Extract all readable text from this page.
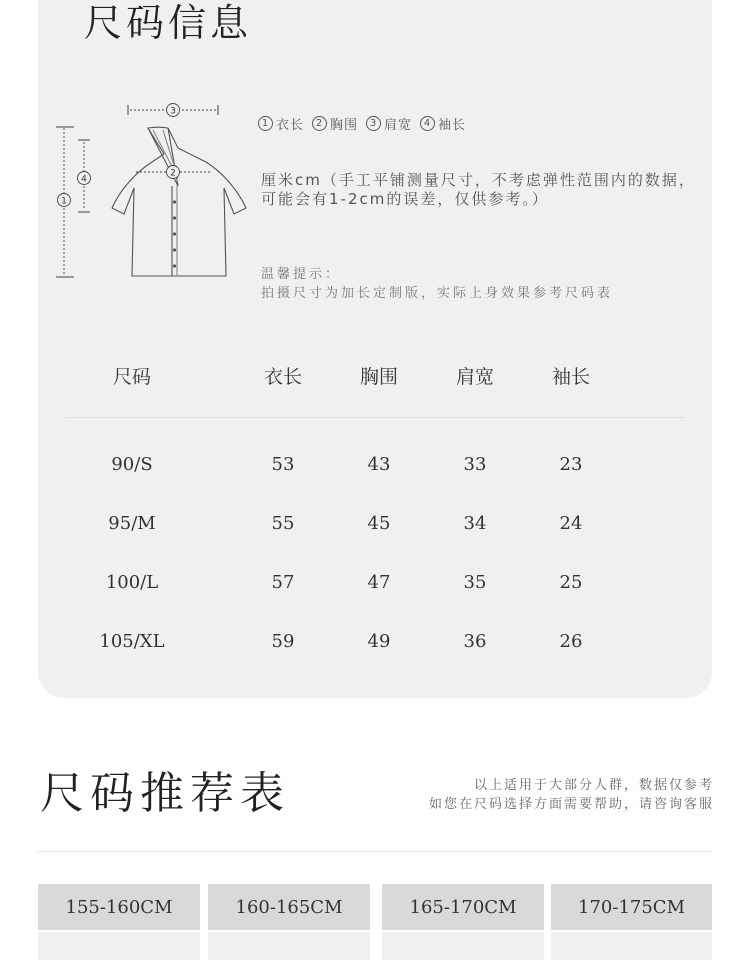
尺码信息
3
2
1
4
1 衣长	2 胸围	3 肩宽	4 袖长

厘米cm（手工平铺测量尺寸，不考虑弹性范围内的数据，可能会有1-2cm的误差，仅供参考。）

温馨提示：
拍摄尺寸为加长定制版，实际上身效果参考尺码表
尺码	衣长	胸围	肩宽	袖长
90/S	53	43	33	23
95/M	55	45	34	24
100/L	57	47	35	25
105/XL	59	49	36	26
尺码推荐表	以上适用于大部分人群，数据仅参考
如您在尺码选择方面需要帮助，请咨询客服
155-160CM	160-165CM	165-170CM	170-175CM
